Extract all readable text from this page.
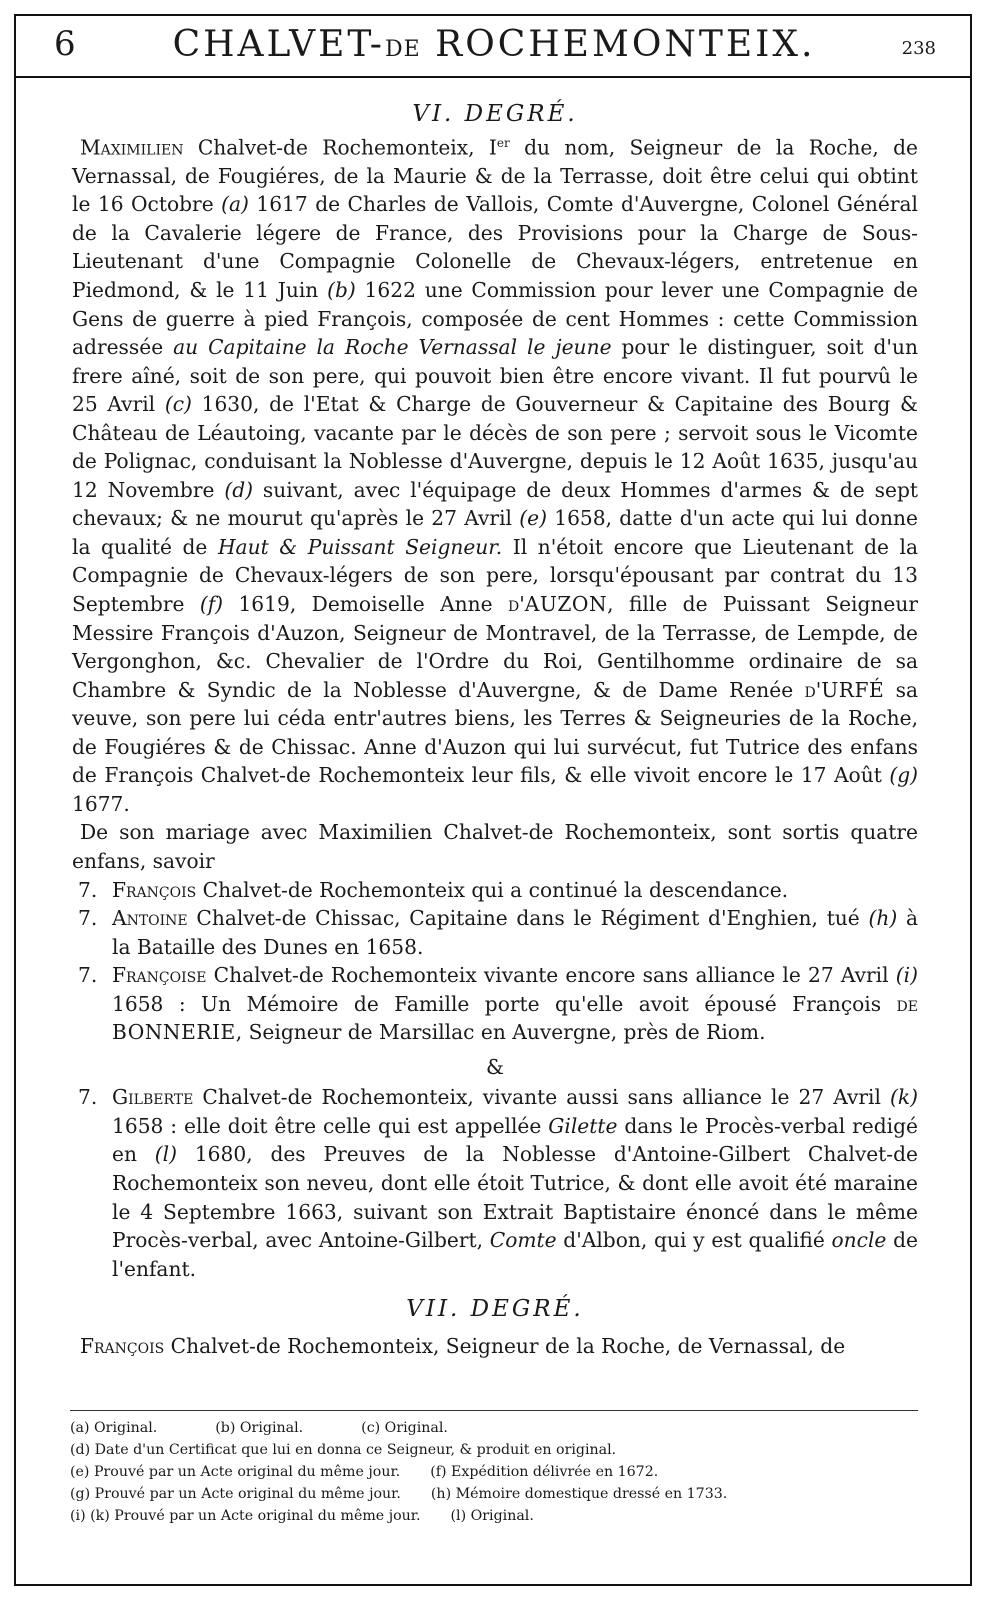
6	CHALVET-DE ROCHEMONTEIX.	238

VI. DEGRÉ.

Maximilien Chalvet-de Rochemonteix, Ier du nom, Seigneur de la Roche, de Vernassal, de Fougiéres, de la Maurie & de la Terrasse, doit être celui qui obtint le 16 Octobre (a) 1617 de Charles de Vallois, Comte d'Auvergne, Colonel Général de la Cavalerie légere de France, des Provisions pour la Charge de Sous-Lieutenant d'une Compagnie Colonelle de Chevaux-légers, entretenue en Piedmond, & le 11 Juin (b) 1622 une Commission pour lever une Compagnie de Gens de guerre à pied François, composée de cent Hommes : cette Commission adressée au Capitaine la Roche Vernassal le jeune pour le distinguer, soit d'un frere aîné, soit de son pere, qui pouvoit bien être encore vivant. Il fut pourvû le 25 Avril (c) 1630, de l'Etat & Charge de Gouverneur & Capitaine des Bourg & Château de Léautoing, vacante par le décès de son pere ; servoit sous le Vicomte de Polignac, conduisant la Noblesse d'Auvergne, depuis le 12 Août 1635, jusqu'au 12 Novembre (d) suivant, avec l'équipage de deux Hommes d'armes & de sept chevaux; & ne mourut qu'après le 27 Avril (e) 1658, datte d'un acte qui lui donne la qualité de Haut & Puissant Seigneur. Il n'étoit encore que Lieutenant de la Compagnie de Chevaux-légers de son pere, lorsqu'épousant par contrat du 13 Septembre (f) 1619, Demoiselle Anne d'AUZON, fille de Puissant Seigneur Messire François d'Auzon, Seigneur de Montravel, de la Terrasse, de Lempde, de Vergonghon, &c. Chevalier de l'Ordre du Roi, Gentilhomme ordinaire de sa Chambre & Syndic de la Noblesse d'Auvergne, & de Dame Renée d'URFÉ sa veuve, son pere lui céda entr'autres biens, les Terres & Seigneuries de la Roche, de Fougiéres & de Chissac. Anne d'Auzon qui lui survécut, fut Tutrice des enfans de François Chalvet-de Rochemonteix leur fils, & elle vivoit encore le 17 Août (g) 1677.

De son mariage avec Maximilien Chalvet-de Rochemonteix, sont sortis quatre enfans, savoir

7. François Chalvet-de Rochemonteix qui a continué la descendance.

7. Antoine Chalvet-de Chissac, Capitaine dans le Régiment d'Enghien, tué (h) à la Bataille des Dunes en 1658.

7. Françoise Chalvet-de Rochemonteix vivante encore sans alliance le 27 Avril (i) 1658 : Un Mémoire de Famille porte qu'elle avoit épousé François de BONNERIE, Seigneur de Marsillac en Auvergne, près de Riom.

&

7. Gilberte Chalvet-de Rochemonteix, vivante aussi sans alliance le 27 Avril (k) 1658 : elle doit être celle qui est appellée Gilette dans le Procès-verbal redigé en (l) 1680, des Preuves de la Noblesse d'Antoine-Gilbert Chalvet-de Rochemonteix son neveu, dont elle étoit Tutrice, & dont elle avoit été maraine le 4 Septembre 1663, suivant son Extrait Baptistaire énoncé dans le même Procès-verbal, avec Antoine-Gilbert, Comte d'Albon, qui y est qualifié oncle de l'enfant.

VII. DEGRÉ.

François Chalvet-de Rochemonteix, Seigneur de la Roche, de Vernassal, de

(a) Original.	(b) Original.	(c) Original.
(d) Date d'un Certificat que lui en donna ce Seigneur, & produit en original.
(e) Prouvé par un Acte original du même jour. (f) Expédition délivrée en 1672.
(g) Prouvé par un Acte original du même jour. (h) Mémoire domestique dressé en 1733.
(i) (k) Prouvé par un Acte original du même jour. (l) Original.
